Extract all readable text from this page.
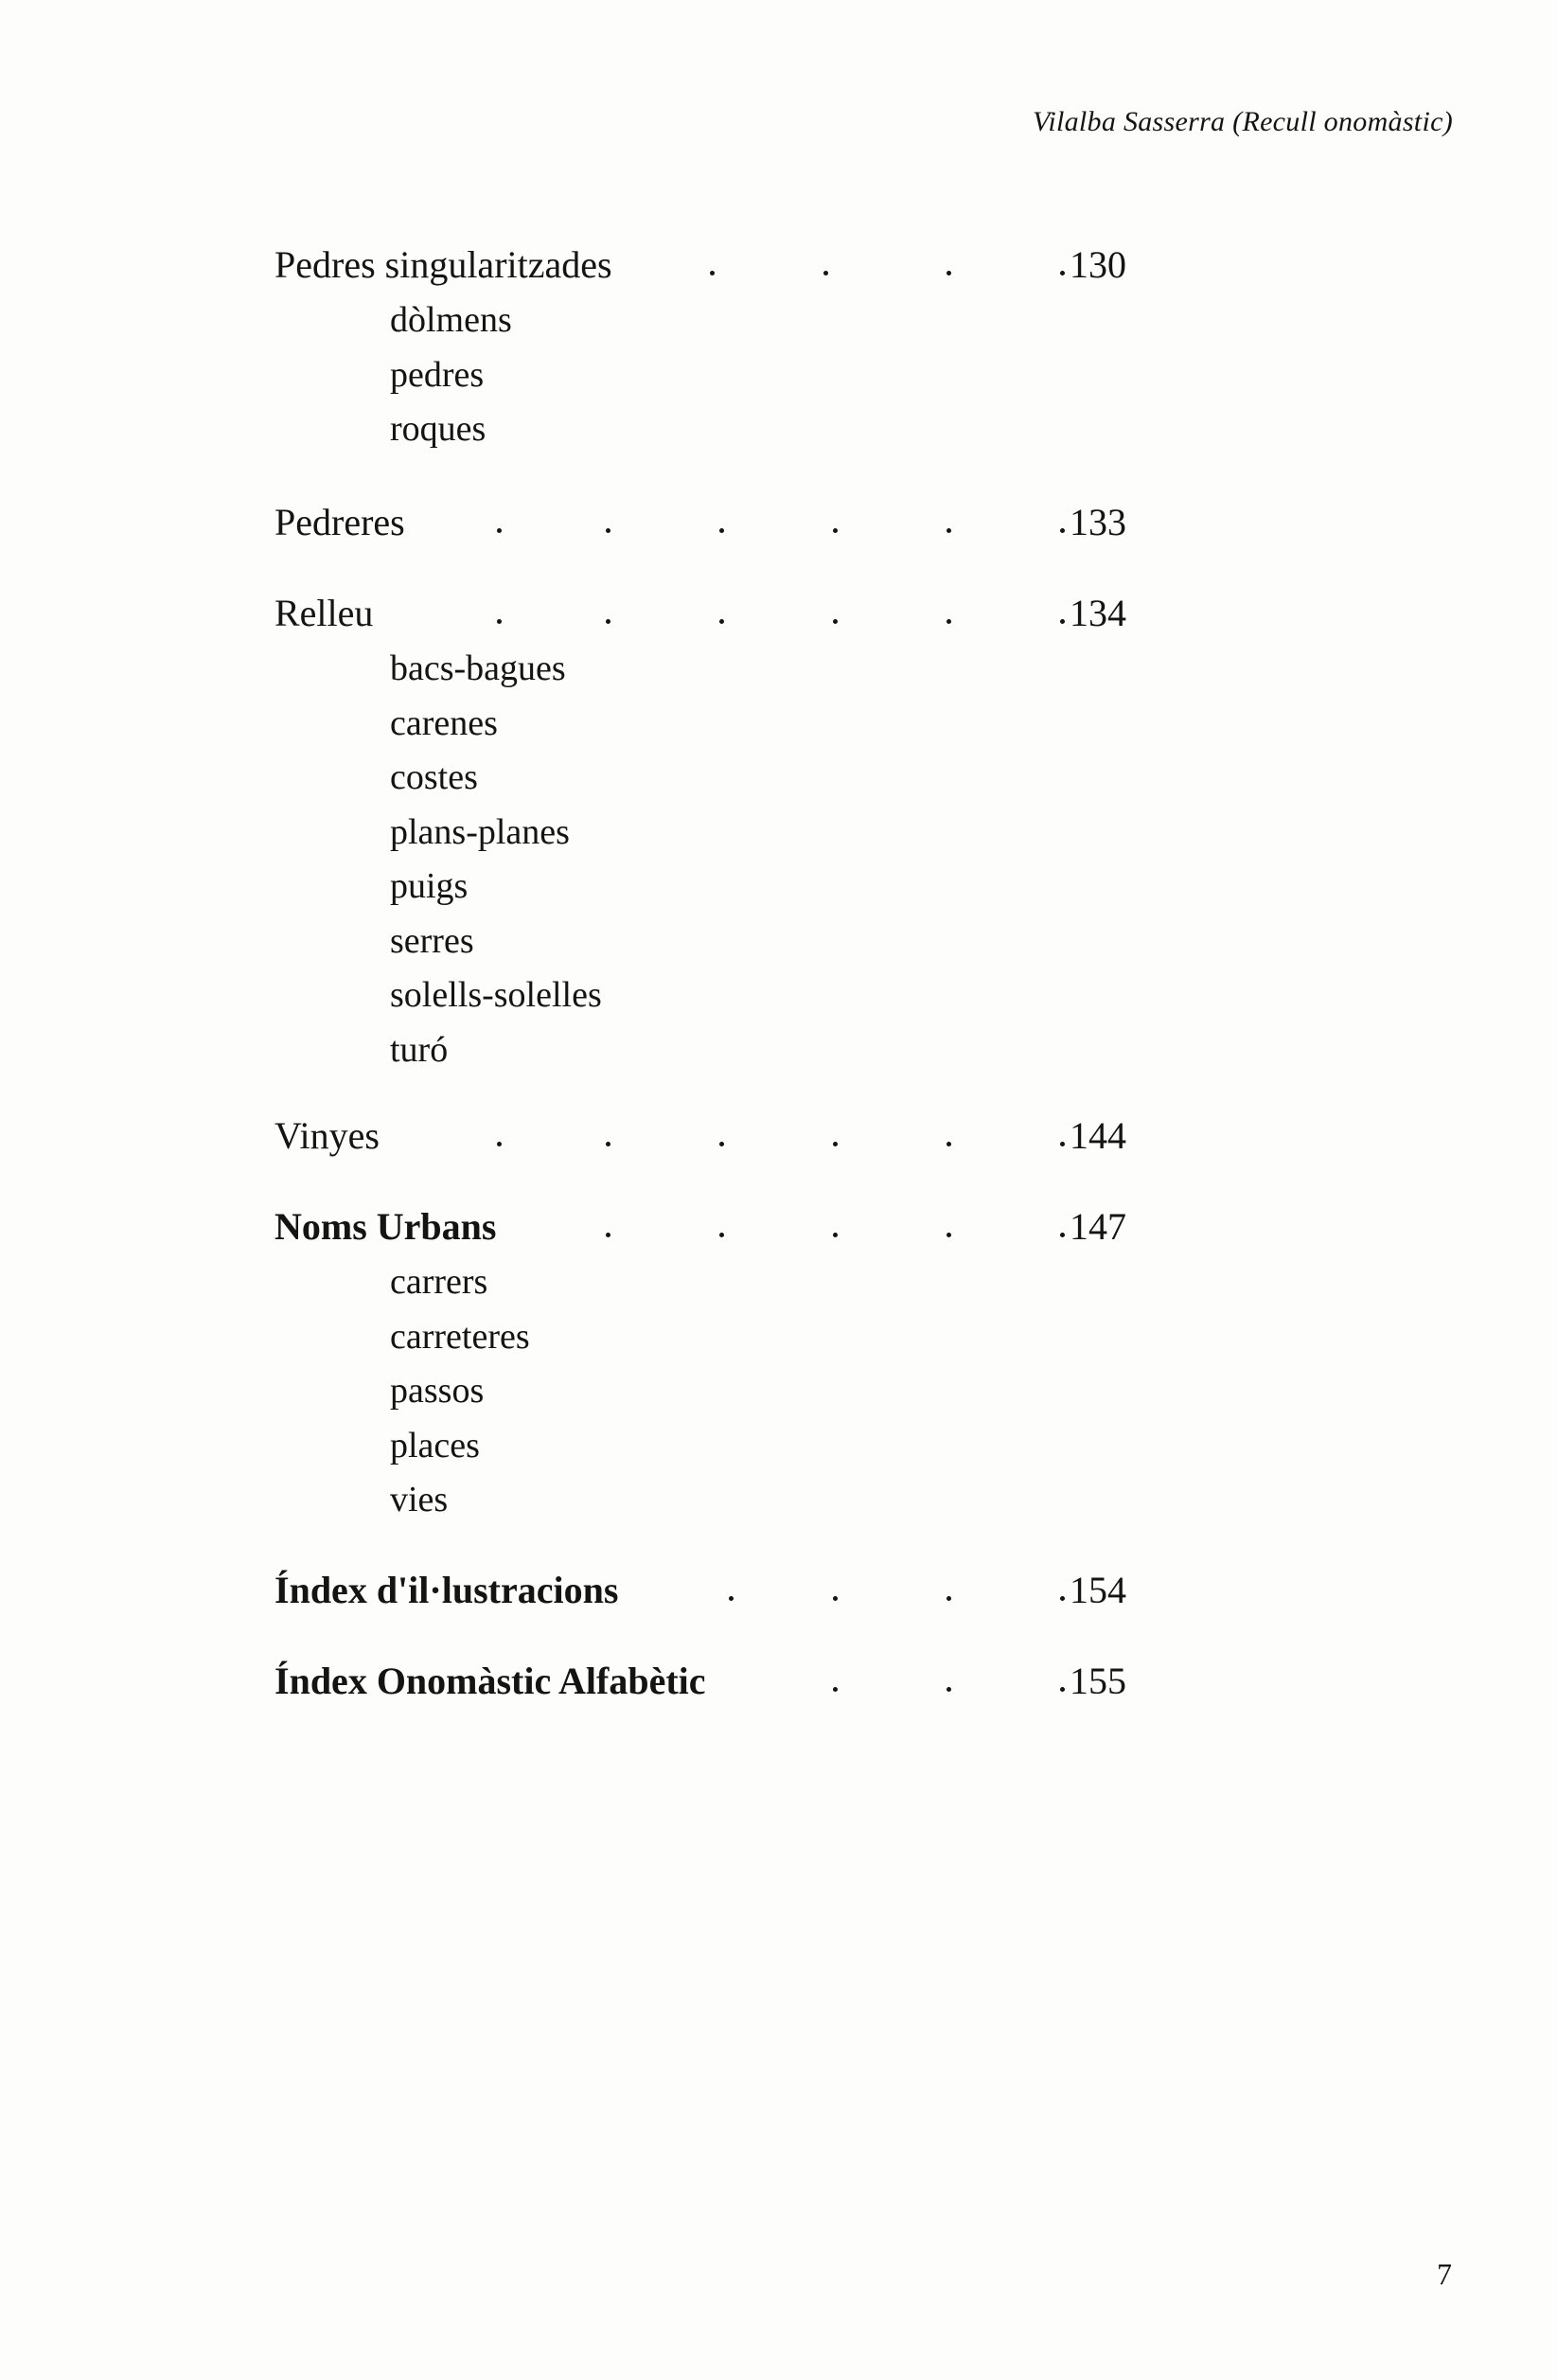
Vilalba Sasserra (Recull onomàstic)
Pedres singularitzades	130
dòlmens
pedres
roques
Pedreres	133
Relleu	134
bacs-bagues
carenes
costes
plans-planes
puigs
serres
solells-solelles
turó
Vinyes	144
Noms Urbans	147
carrers
carreteres
passos
places
vies
Índex d'il·lustracions	154
Índex Onomàstic Alfabètic	155
7
